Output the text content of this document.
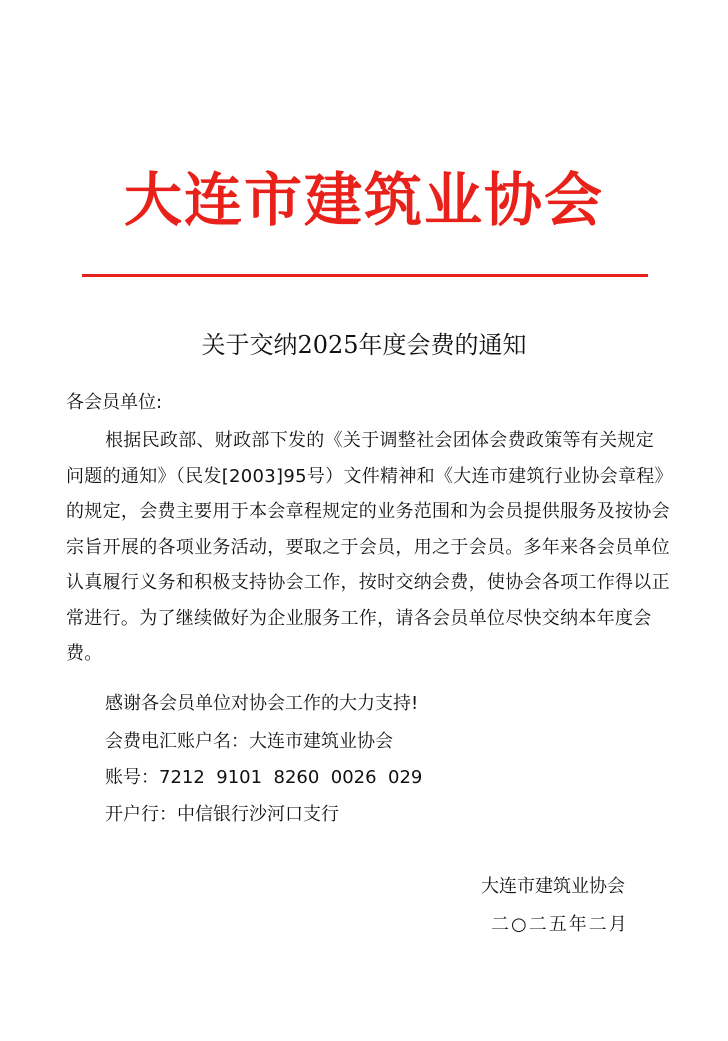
大连市建筑业协会
关于交纳2025年度会费的通知
各会员单位:
根据民政部、财政部下发的《关于调整社会团体会费政策等有关规定问题的通知》（民发[2003]95号）文件精神和《大连市建筑行业协会章程》的规定，会费主要用于本会章程规定的业务范围和为会员提供服务及按协会宗旨开展的各项业务活动，要取之于会员，用之于会员。多年来各会员单位认真履行义务和积极支持协会工作，按时交纳会费，使协会各项工作得以正常进行。为了继续做好为企业服务工作，请各会员单位尽快交纳本年度会费。
感谢各会员单位对协会工作的大力支持!
会费电汇账户名：大连市建筑业协会
账号：7212  9101  8260  0026  029
开户行：中信银行沙河口支行
大连市建筑业协会
二○二五年二月
